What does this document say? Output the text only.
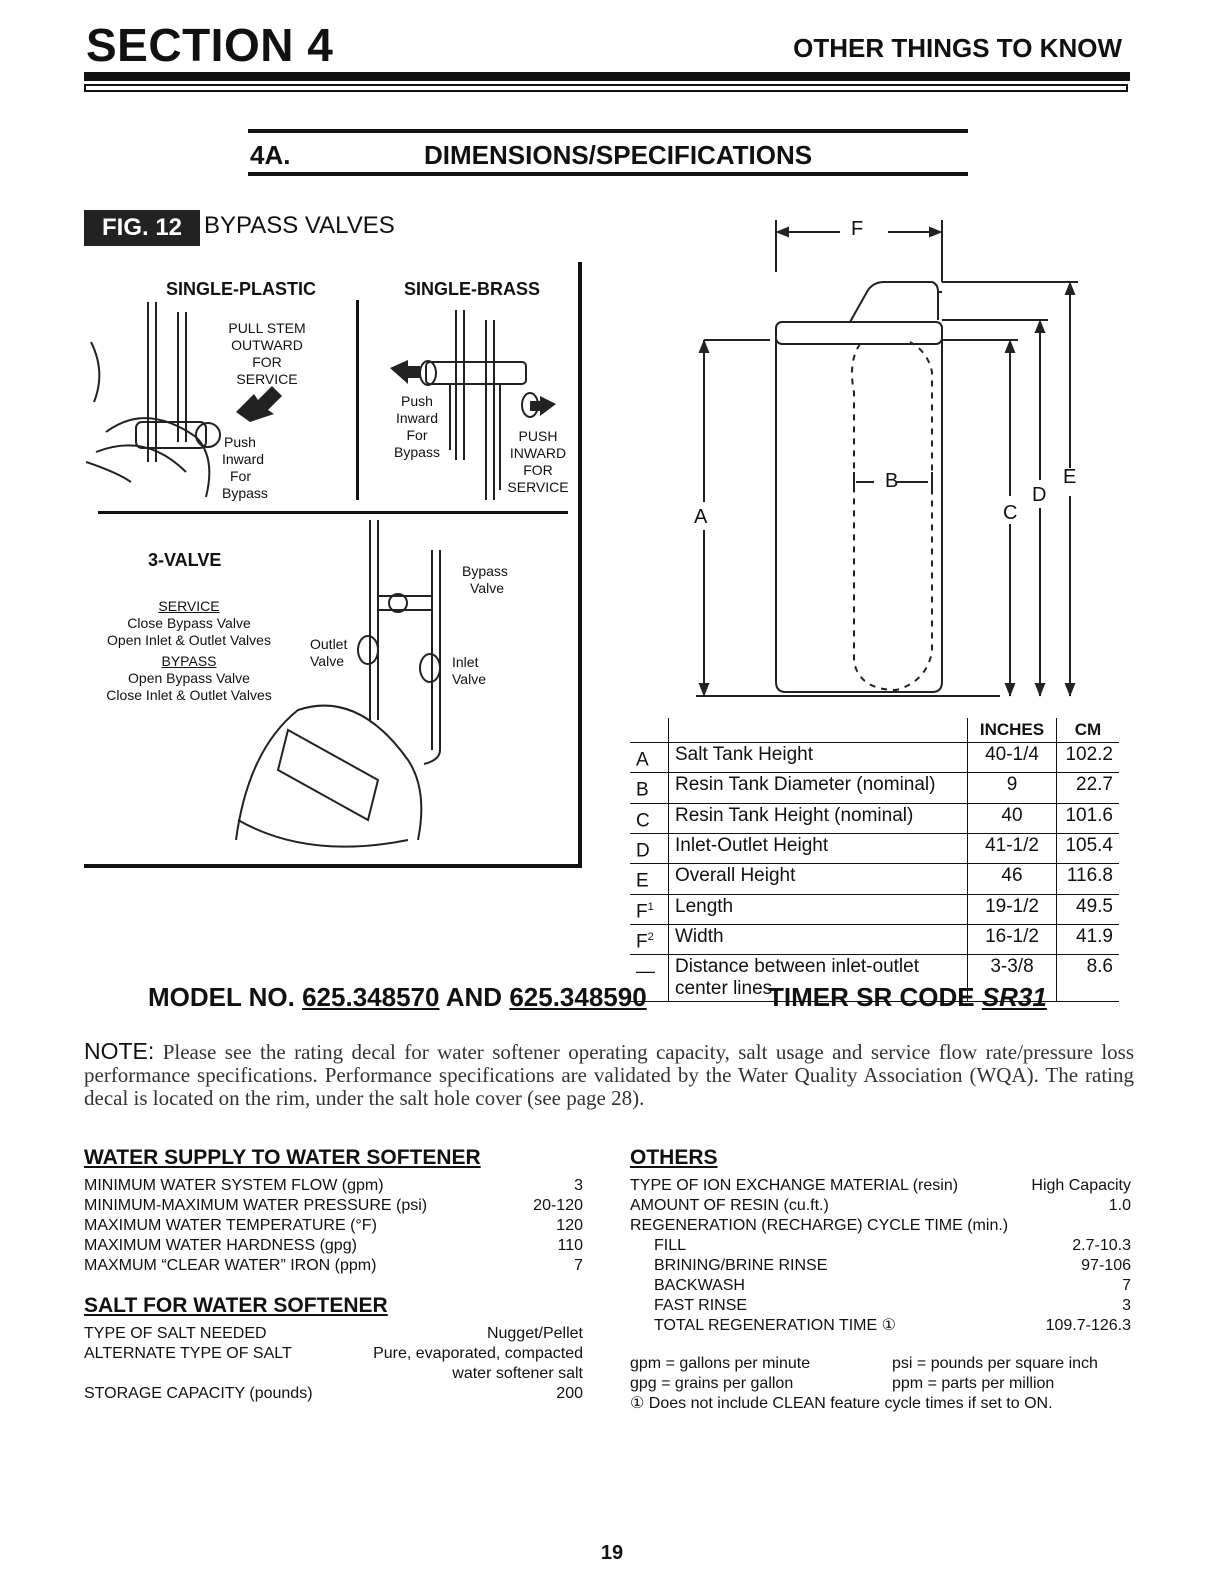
SECTION 4	OTHER THINGS TO KNOW
4A.	DIMENSIONS/SPECIFICATIONS
FIG. 12 BYPASS VALVES
SINGLE-PLASTIC
PULL STEM
OUTWARD
FOR
SERVICE
Push
Inward
For
Bypass
SINGLE-BRASS
Push
Inward
For
Bypass
PUSH
INWARD
FOR
SERVICE
3-VALVE
SERVICE
Close Bypass Valve
Open Inlet & Outlet Valves
BYPASS
Open Bypass Valve
Close Inlet & Outlet Valves
Bypass
Valve
Outlet
Valve	Inlet
Valve
F
B
A	C
D
E
		INCHES	CM
A	Salt Tank Height	40-1/4	102.2
B	Resin Tank Diameter (nominal)	9	22.7
C	Resin Tank Height (nominal)	40	101.6
D	Inlet-Outlet Height	41-1/2	105.4
E	Overall Height	46	116.8
$F^1$	Length	19-1/2	49.5
$F^2$	Width	16-1/2	41.9
—	Distance between inlet-outlet center lines	3-3/8	8.6
MODEL NO. 625.348570 AND 625.348590	TIMER SR CODE SR31
NOTE: Please see the rating decal for water softener operating capacity, salt usage and service flow rate/pressure loss performance specifications. Performance specifications are validated by the Water Quality Association (WQA). The rating decal is located on the rim, under the salt hole cover (see page 28).
WATER SUPPLY TO WATER SOFTENER
MINIMUM WATER SYSTEM FLOW (gpm)	3
MINIMUM-MAXIMUM WATER PRESSURE (psi)	20-120
MAXIMUM WATER TEMPERATURE (°F)	120
MAXIMUM WATER HARDNESS (gpg)	110
MAXMUM “CLEAR WATER” IRON (ppm)	7
SALT FOR WATER SOFTENER
TYPE OF SALT NEEDED	Nugget/Pellet
ALTERNATE TYPE OF SALT	Pure, evaporated, compacted
water softener salt
STORAGE CAPACITY (pounds)	200
OTHERS
TYPE OF ION EXCHANGE MATERIAL (resin)	High Capacity
AMOUNT OF RESIN (cu.ft.)	1.0
REGENERATION (RECHARGE) CYCLE TIME (min.)
FILL	2.7-10.3
BRINING/BRINE RINSE	97-106
BACKWASH	7
FAST RINSE	3
TOTAL REGENERATION TIME ①	109.7-126.3
gpm = gallons per minute	psi = pounds per square inch
gpg = grains per gallon	ppm = parts per million
① Does not include CLEAN feature cycle times if set to ON.
19
